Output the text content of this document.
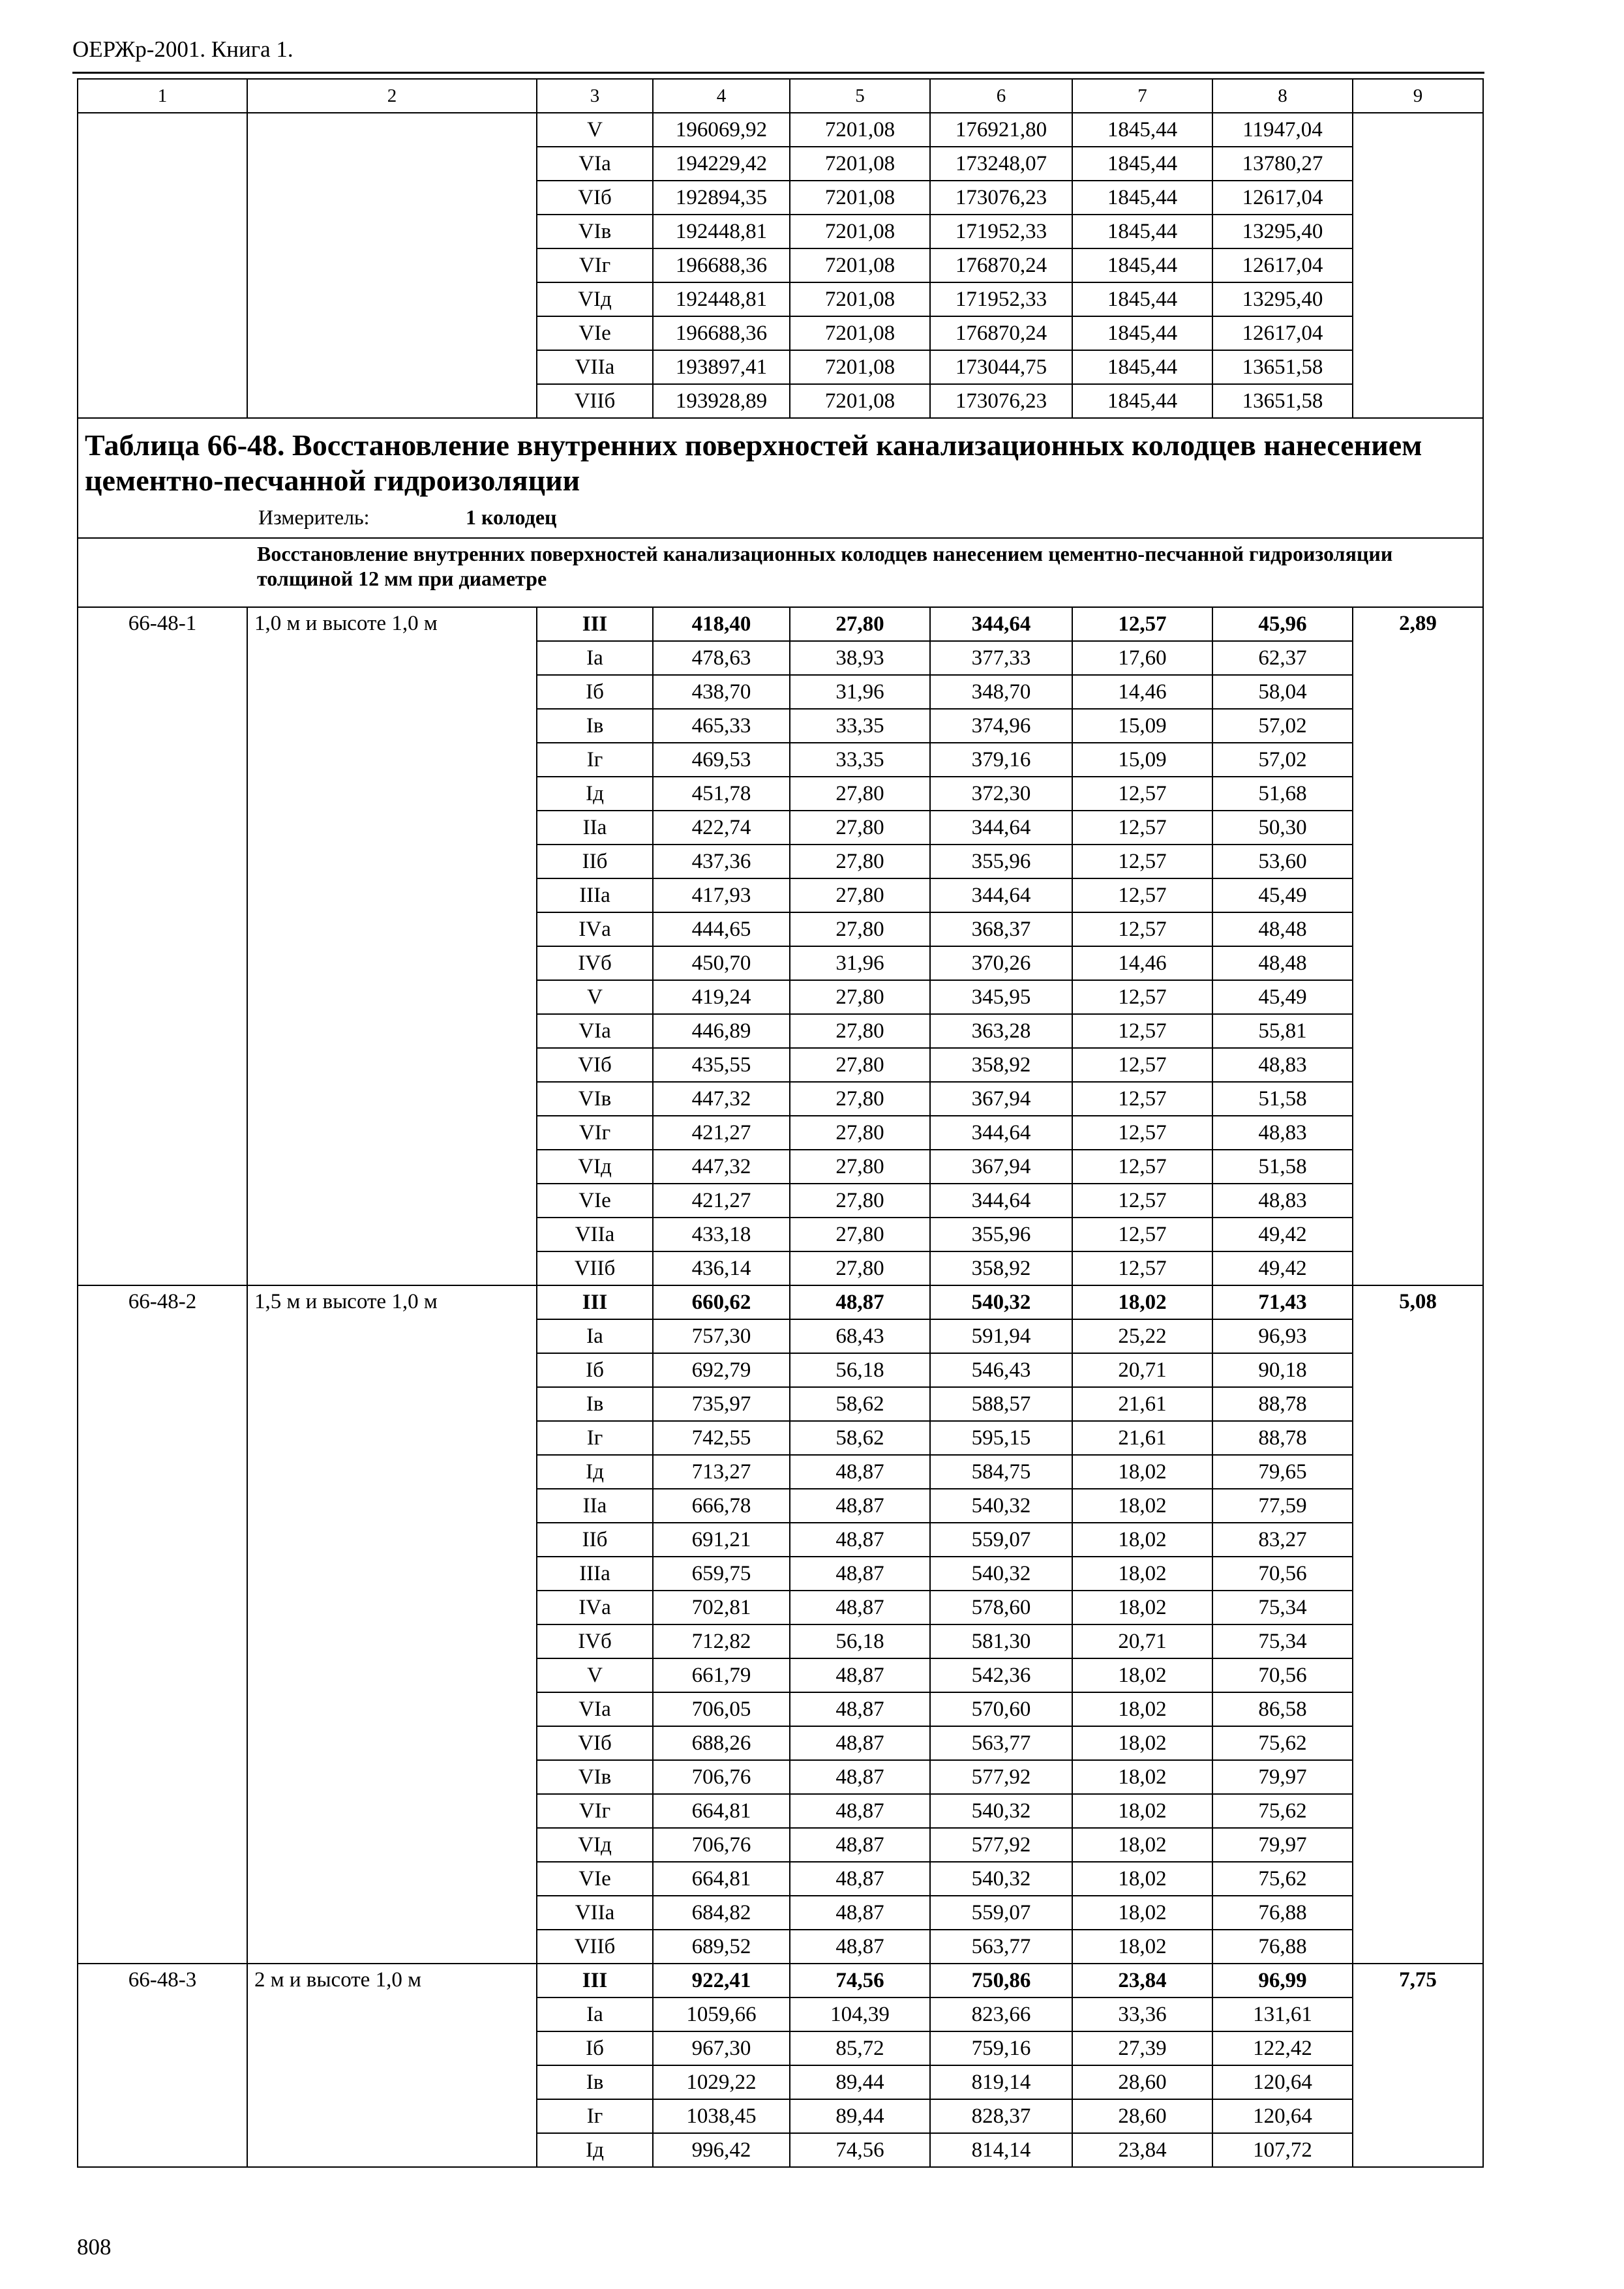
ОЕРЖр-2001. Книга 1.
1	2	3	4	5	6	7	8	9
		V	196069,92	7201,08	176921,80	1845,44	11947,04	
		VIа	194229,42	7201,08	173248,07	1845,44	13780,27	
		VIб	192894,35	7201,08	173076,23	1845,44	12617,04	
		VIв	192448,81	7201,08	171952,33	1845,44	13295,40	
		VIг	196688,36	7201,08	176870,24	1845,44	12617,04	
		VIд	192448,81	7201,08	171952,33	1845,44	13295,40	
		VIе	196688,36	7201,08	176870,24	1845,44	12617,04	
		VIIа	193897,41	7201,08	173044,75	1845,44	13651,58	
		VIIб	193928,89	7201,08	173076,23	1845,44	13651,58	

Таблица 66-48. Восстановление внутренних поверхностей канализационных колодцев нанесением цементно-песчанной гидроизоляции
Измеритель: 1 колодец								

Восстановление внутренних поверхностей канализационных колодцев нанесением цементно-песчанной гидроизоляции толщиной 12 мм при диаметре								
66-48-1	1,0 м и высоте 1,0 м	III	418,40	27,80	344,64	12,57	45,96	2,89
		Iа	478,63	38,93	377,33	17,60	62,37	
		Iб	438,70	31,96	348,70	14,46	58,04	
		Iв	465,33	33,35	374,96	15,09	57,02	
		Iг	469,53	33,35	379,16	15,09	57,02	
		Iд	451,78	27,80	372,30	12,57	51,68	
		IIа	422,74	27,80	344,64	12,57	50,30	
		IIб	437,36	27,80	355,96	12,57	53,60	
		IIIа	417,93	27,80	344,64	12,57	45,49	
		IVа	444,65	27,80	368,37	12,57	48,48	
		IVб	450,70	31,96	370,26	14,46	48,48	
		V	419,24	27,80	345,95	12,57	45,49	
		VIа	446,89	27,80	363,28	12,57	55,81	
		VIб	435,55	27,80	358,92	12,57	48,83	
		VIв	447,32	27,80	367,94	12,57	51,58	
		VIг	421,27	27,80	344,64	12,57	48,83	
		VIд	447,32	27,80	367,94	12,57	51,58	
		VIе	421,27	27,80	344,64	12,57	48,83	
		VIIа	433,18	27,80	355,96	12,57	49,42	
		VIIб	436,14	27,80	358,92	12,57	49,42	
66-48-2	1,5 м и высоте 1,0 м	III	660,62	48,87	540,32	18,02	71,43	5,08
		Iа	757,30	68,43	591,94	25,22	96,93	
		Iб	692,79	56,18	546,43	20,71	90,18	
		Iв	735,97	58,62	588,57	21,61	88,78	
		Iг	742,55	58,62	595,15	21,61	88,78	
		Iд	713,27	48,87	584,75	18,02	79,65	
		IIа	666,78	48,87	540,32	18,02	77,59	
		IIб	691,21	48,87	559,07	18,02	83,27	
		IIIа	659,75	48,87	540,32	18,02	70,56	
		IVа	702,81	48,87	578,60	18,02	75,34	
		IVб	712,82	56,18	581,30	20,71	75,34	
		V	661,79	48,87	542,36	18,02	70,56	
		VIа	706,05	48,87	570,60	18,02	86,58	
		VIб	688,26	48,87	563,77	18,02	75,62	
		VIв	706,76	48,87	577,92	18,02	79,97	
		VIг	664,81	48,87	540,32	18,02	75,62	
		VIд	706,76	48,87	577,92	18,02	79,97	
		VIе	664,81	48,87	540,32	18,02	75,62	
		VIIа	684,82	48,87	559,07	18,02	76,88	
		VIIб	689,52	48,87	563,77	18,02	76,88	
66-48-3	2 м и высоте 1,0 м	III	922,41	74,56	750,86	23,84	96,99	7,75
		Iа	1059,66	104,39	823,66	33,36	131,61	
		Iб	967,30	85,72	759,16	27,39	122,42	
		Iв	1029,22	89,44	819,14	28,60	120,64	
		Iг	1038,45	89,44	828,37	28,60	120,64	
		Iд	996,42	74,56	814,14	23,84	107,72	
808
